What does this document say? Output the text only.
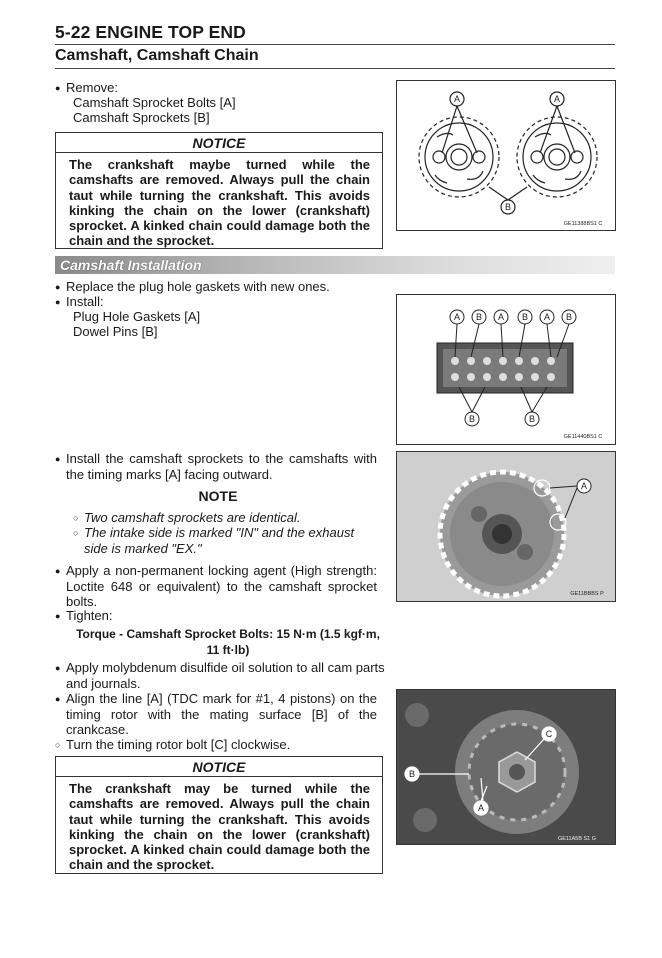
5-22 ENGINE TOP END
Camshaft, Camshaft Chain
● Remove:
Camshaft Sprocket Bolts [A]
Camshaft Sprockets [B]
NOTICE
The crankshaft maybe turned while the camshafts are removed. Always pull the chain taut while turning the crankshaft. This avoids kinking the chain on the lower (crankshaft) sprocket. A kinked chain could damage both the chain and the sprocket.
A	A
B
GE11388BS1 C
Camshaft Installation
● Replace the plug hole gaskets with new ones.
● Install:
Plug Hole Gaskets [A]
Dowel Pins [B]
A B A B A B
B	B
GE11440BS1 C
● Install the camshaft sprockets to the camshafts with the timing marks [A] facing outward.
NOTE
○ Two camshaft sprockets are identical.
○ The intake side is marked "IN" and the exhaust side is marked "EX."
A
GE11BBBS P
● Apply a non-permanent locking agent (High strength: Loctite 648 or equivalent) to the camshaft sprocket bolts.
● Tighten:
Torque - Camshaft Sprocket Bolts: 15 N·m (1.5 kgf·m, 11 ft·lb)
● Apply molybdenum disulfide oil solution to all cam parts and journals.
● Align the line [A] (TDC mark for #1, 4 pistons) on the timing rotor with the mating surface [B] of the crankcase.
○ Turn the timing rotor bolt [C] clockwise.
C
B
A
GE11A5B S1 G
NOTICE
The crankshaft may be turned while the camshafts are removed. Always pull the chain taut while turning the crankshaft. This avoids kinking the chain on the lower (crankshaft) sprocket. A kinked chain could damage both the chain and the sprocket.
